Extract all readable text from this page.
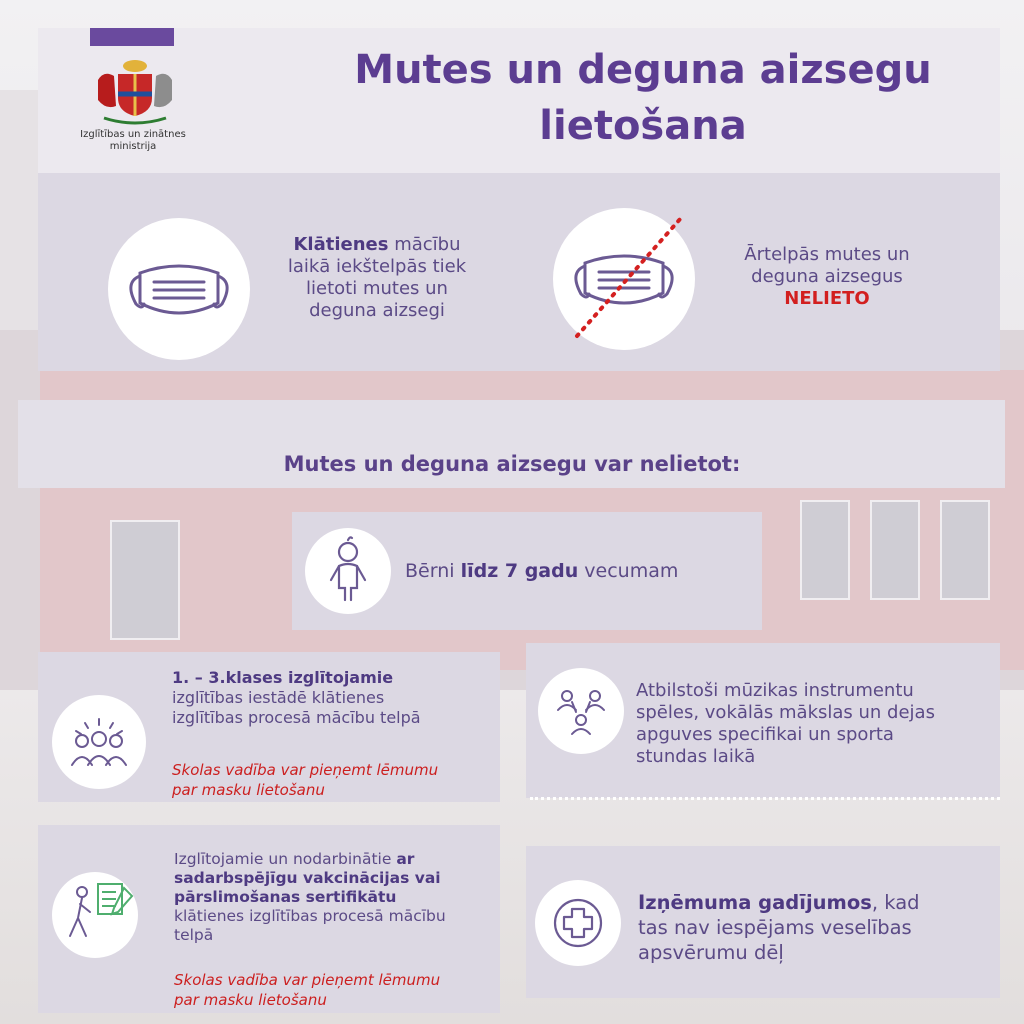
Izglītības un zinātnes
ministrija
Mutes un deguna aizsegu
lietošana
Klātienes mācību
laikā iekštelpās tiek
lietoti mutes un
deguna aizsegi
Ārtelpās mutes un
deguna aizsegus
NELIETO
Mutes un deguna aizsegu var nelietot:
Bērni līdz 7 gadu vecumam
1. – 3.klases izglītojamie
izglītības iestādē klātienes
izglītības procesā mācību telpā
Skolas vadība var pieņemt lēmumu
par masku lietošanu
Atbilstoši mūzikas instrumentu
spēles, vokālās mākslas un dejas
apguves specifikai un sporta
stundas laikā
Izglītojamie un nodarbinātie ar
sadarbspējīgu vakcinācijas vai
pārslimošanas sertifikātu
klātienes izglītības procesā mācību
telpā
Skolas vadība var pieņemt lēmumu
par masku lietošanu
Izņēmuma gadījumos, kad
tas nav iespējams veselības
apsvērumu dēļ
